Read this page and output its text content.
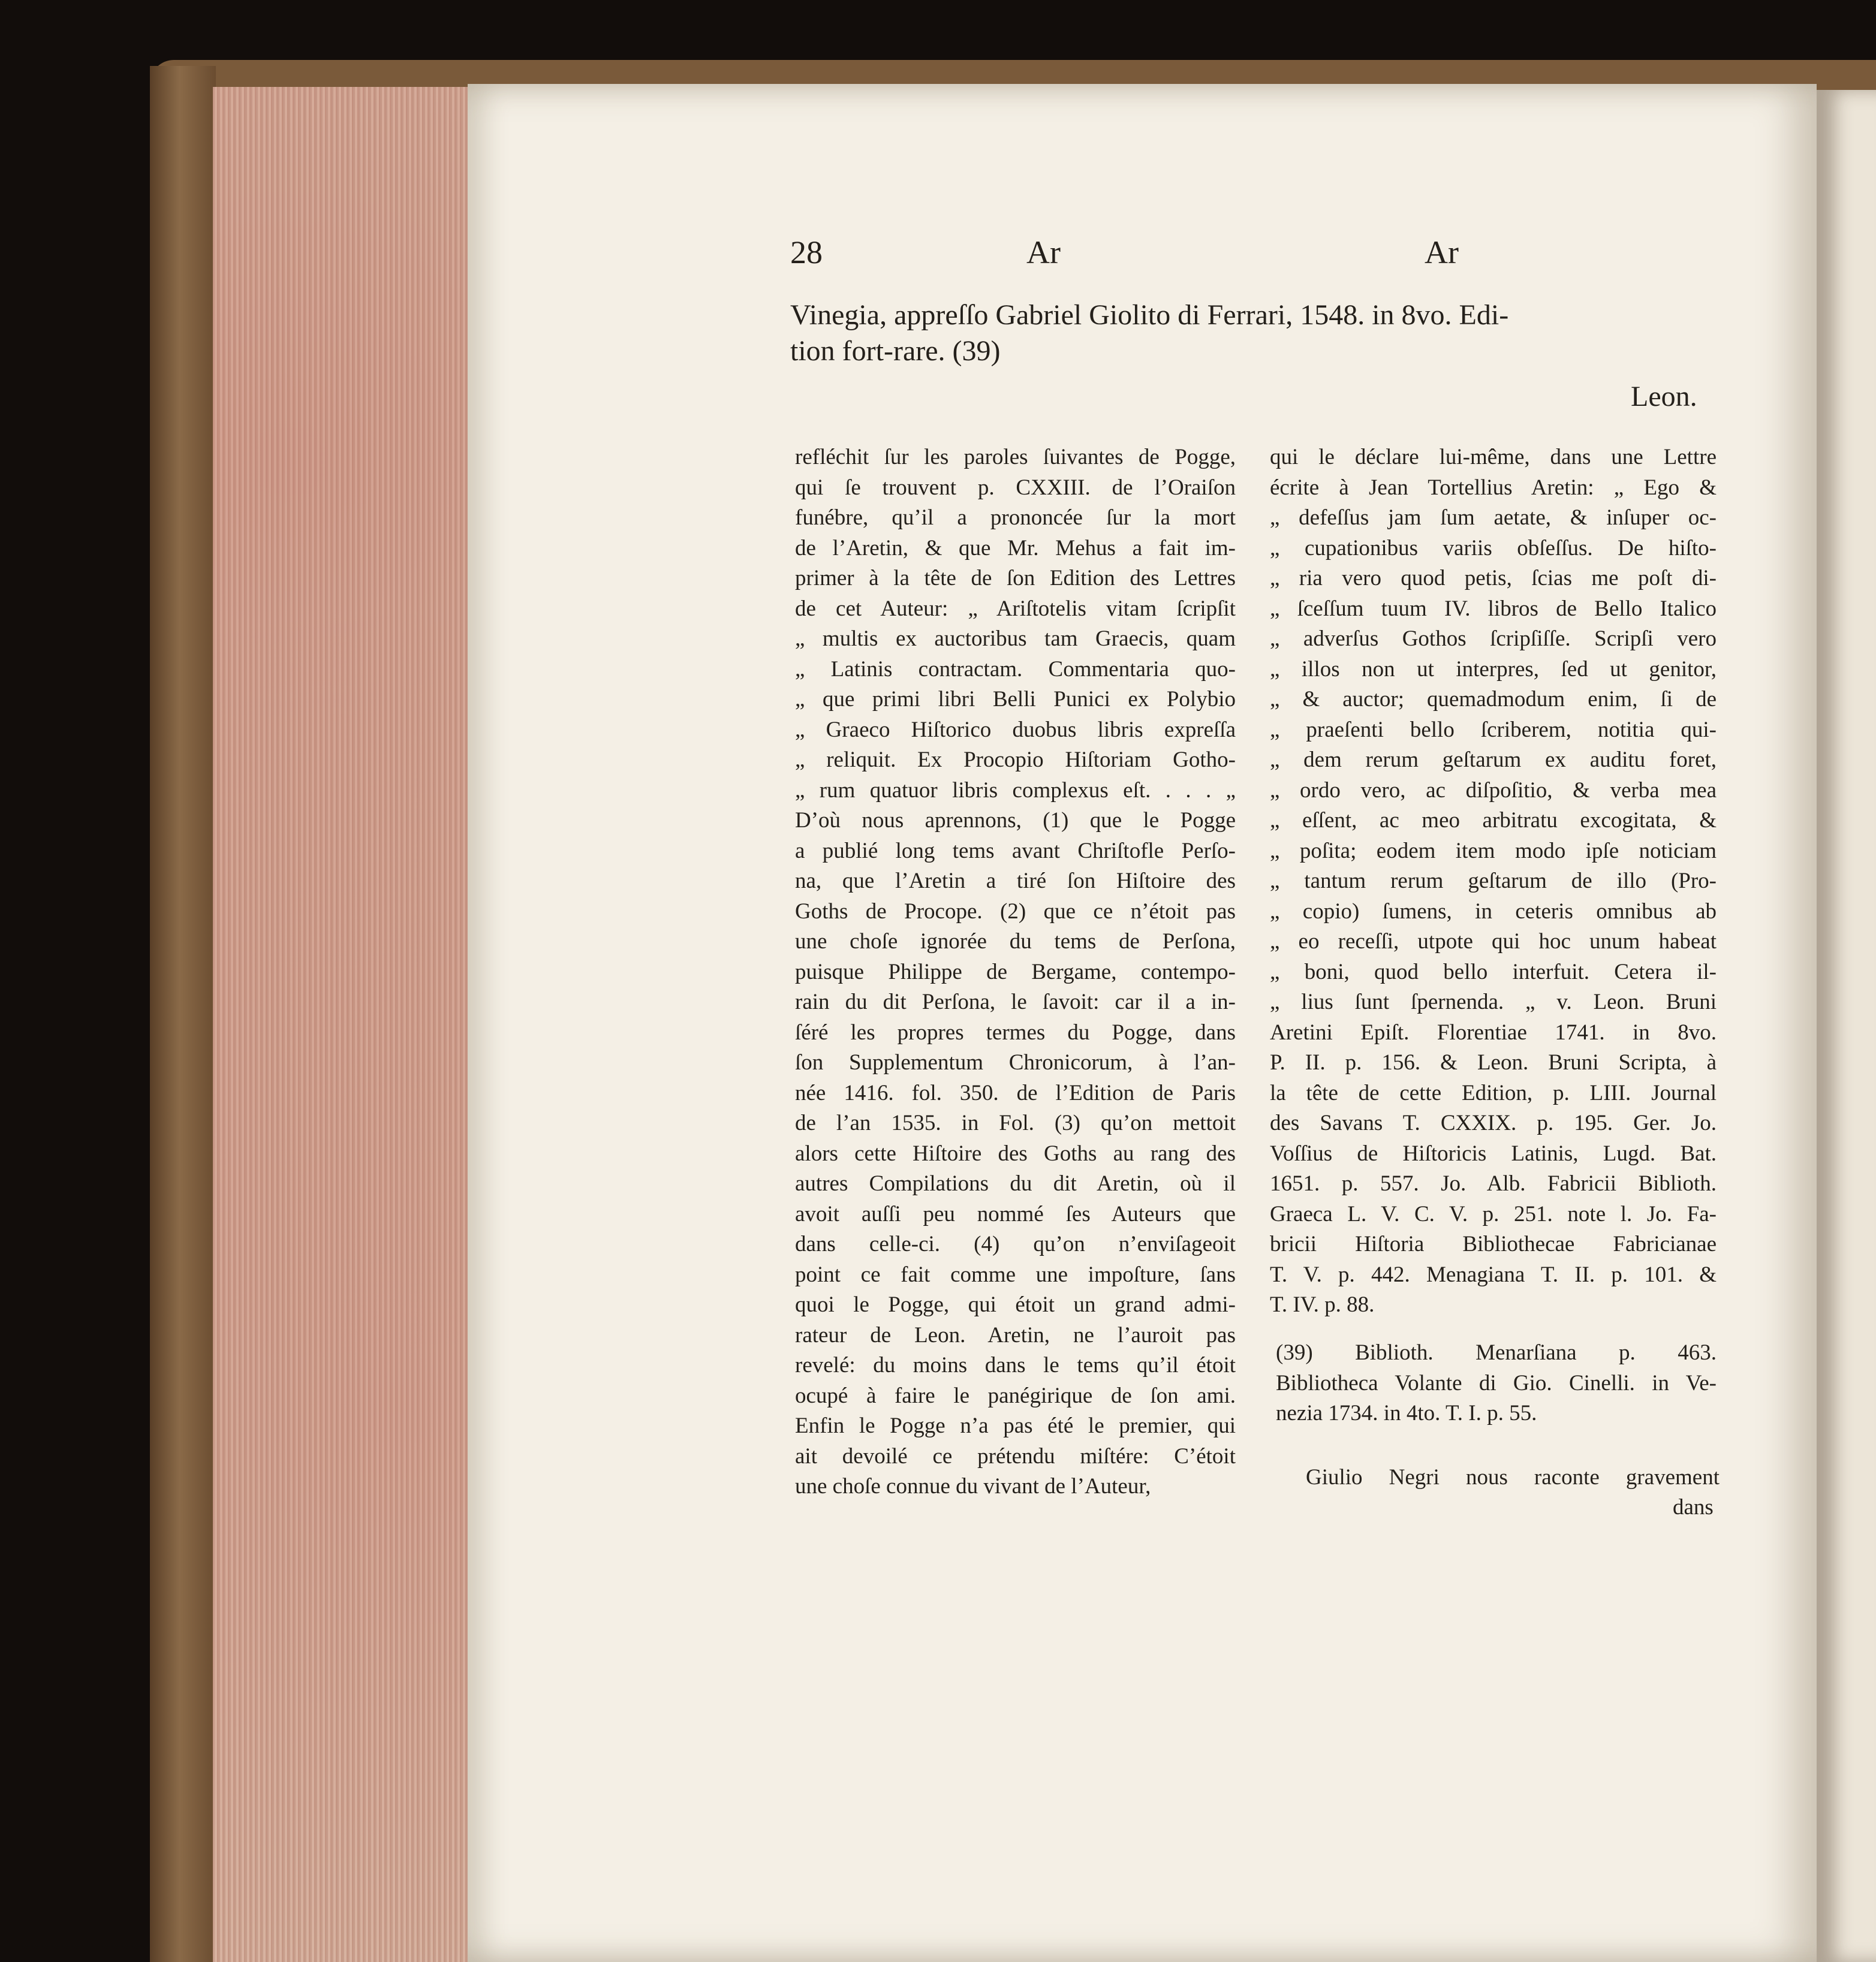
28	Ar	Ar
Vinegia, appreſſo Gabriel Giolito di Ferrari, 1548. in 8vo. Edi-
tion fort-rare. (39)
Leon.
refléchit ſur les paroles ſuivantes de Pogge,
qui ſe trouvent p. CXXIII. de l’Oraiſon
funébre, qu’il a prononcée ſur la mort
de l’Aretin, & que Mr. Mehus a fait im-
primer à la tête de ſon Edition des Lettres
de cet Auteur: „ Ariſtotelis vitam ſcripſit
„ multis ex auctoribus tam Graecis, quam
„ Latinis contractam. Commentaria quo-
„ que primi libri Belli Punici ex Polybio
„ Graeco Hiſtorico duobus libris expreſſa
„ reliquit. Ex Procopio Hiſtoriam Gotho-
„ rum quatuor libris complexus eſt. . . . „
D’où nous aprennons, (1) que le Pogge
a publié long tems avant Chriſtofle Perſo-
na, que l’Aretin a tiré ſon Hiſtoire des
Goths de Procope. (2) que ce n’étoit pas
une choſe ignorée du tems de Perſona,
puisque Philippe de Bergame, contempo-
rain du dit Perſona, le ſavoit: car il a in-
ſéré les propres termes du Pogge, dans
ſon Supplementum Chronicorum, à l’an-
née 1416. fol. 350. de l’Edition de Paris
de l’an 1535. in Fol. (3) qu’on mettoit
alors cette Hiſtoire des Goths au rang des
autres Compilations du dit Aretin, où il
avoit auſſi peu nommé ſes Auteurs que
dans celle-ci. (4) qu’on n’enviſageoit
point ce fait comme une impoſture, ſans
quoi le Pogge, qui étoit un grand admi-
rateur de Leon. Aretin, ne l’auroit pas
revelé: du moins dans le tems qu’il étoit
ocupé à faire le panégirique de ſon ami.
Enfin le Pogge n’a pas été le premier, qui
ait devoilé ce prétendu miſtére: C’étoit
une choſe connue du vivant de l’Auteur,
qui le déclare lui-même, dans une Lettre
écrite à Jean Tortellius Aretin: „ Ego &
„ defeſſus jam ſum aetate, & inſuper oc-
„ cupationibus variis obſeſſus. De hiſto-
„ ria vero quod petis, ſcias me poſt di-
„ ſceſſum tuum IV. libros de Bello Italico
„ adverſus Gothos ſcripſiſſe. Scripſi vero
„ illos non ut interpres, ſed ut genitor,
„ & auctor; quemadmodum enim, ſi de
„ praeſenti bello ſcriberem, notitia qui-
„ dem rerum geſtarum ex auditu foret,
„ ordo vero, ac diſpoſitio, & verba mea
„ eſſent, ac meo arbitratu excogitata, &
„ poſita; eodem item modo ipſe noticiam
„ tantum rerum geſtarum de illo (Pro-
„ copio) ſumens, in ceteris omnibus ab
„ eo receſſi, utpote qui hoc unum habeat
„ boni, quod bello interfuit. Cetera il-
„ lius ſunt ſpernenda. „ v. Leon. Bruni
Aretini Epiſt. Florentiae 1741. in 8vo.
P. II. p. 156. & Leon. Bruni Scripta, à
la tête de cette Edition, p. LIII. Journal
des Savans T. CXXIX. p. 195. Ger. Jo.
Voſſius de Hiſtoricis Latinis, Lugd. Bat.
1651. p. 557. Jo. Alb. Fabricii Biblioth.
Graeca L. V. C. V. p. 251. note l. Jo. Fa-
bricii Hiſtoria Bibliothecae Fabricianae
T. V. p. 442. Menagiana T. II. p. 101. &
T. IV. p. 88.
(39) Biblioth. Menarſiana p. 463.
Bibliotheca Volante di Gio. Cinelli. in Ve-
nezia 1734. in 4to. T. I. p. 55.
Giulio Negri nous raconte gravement
dans
